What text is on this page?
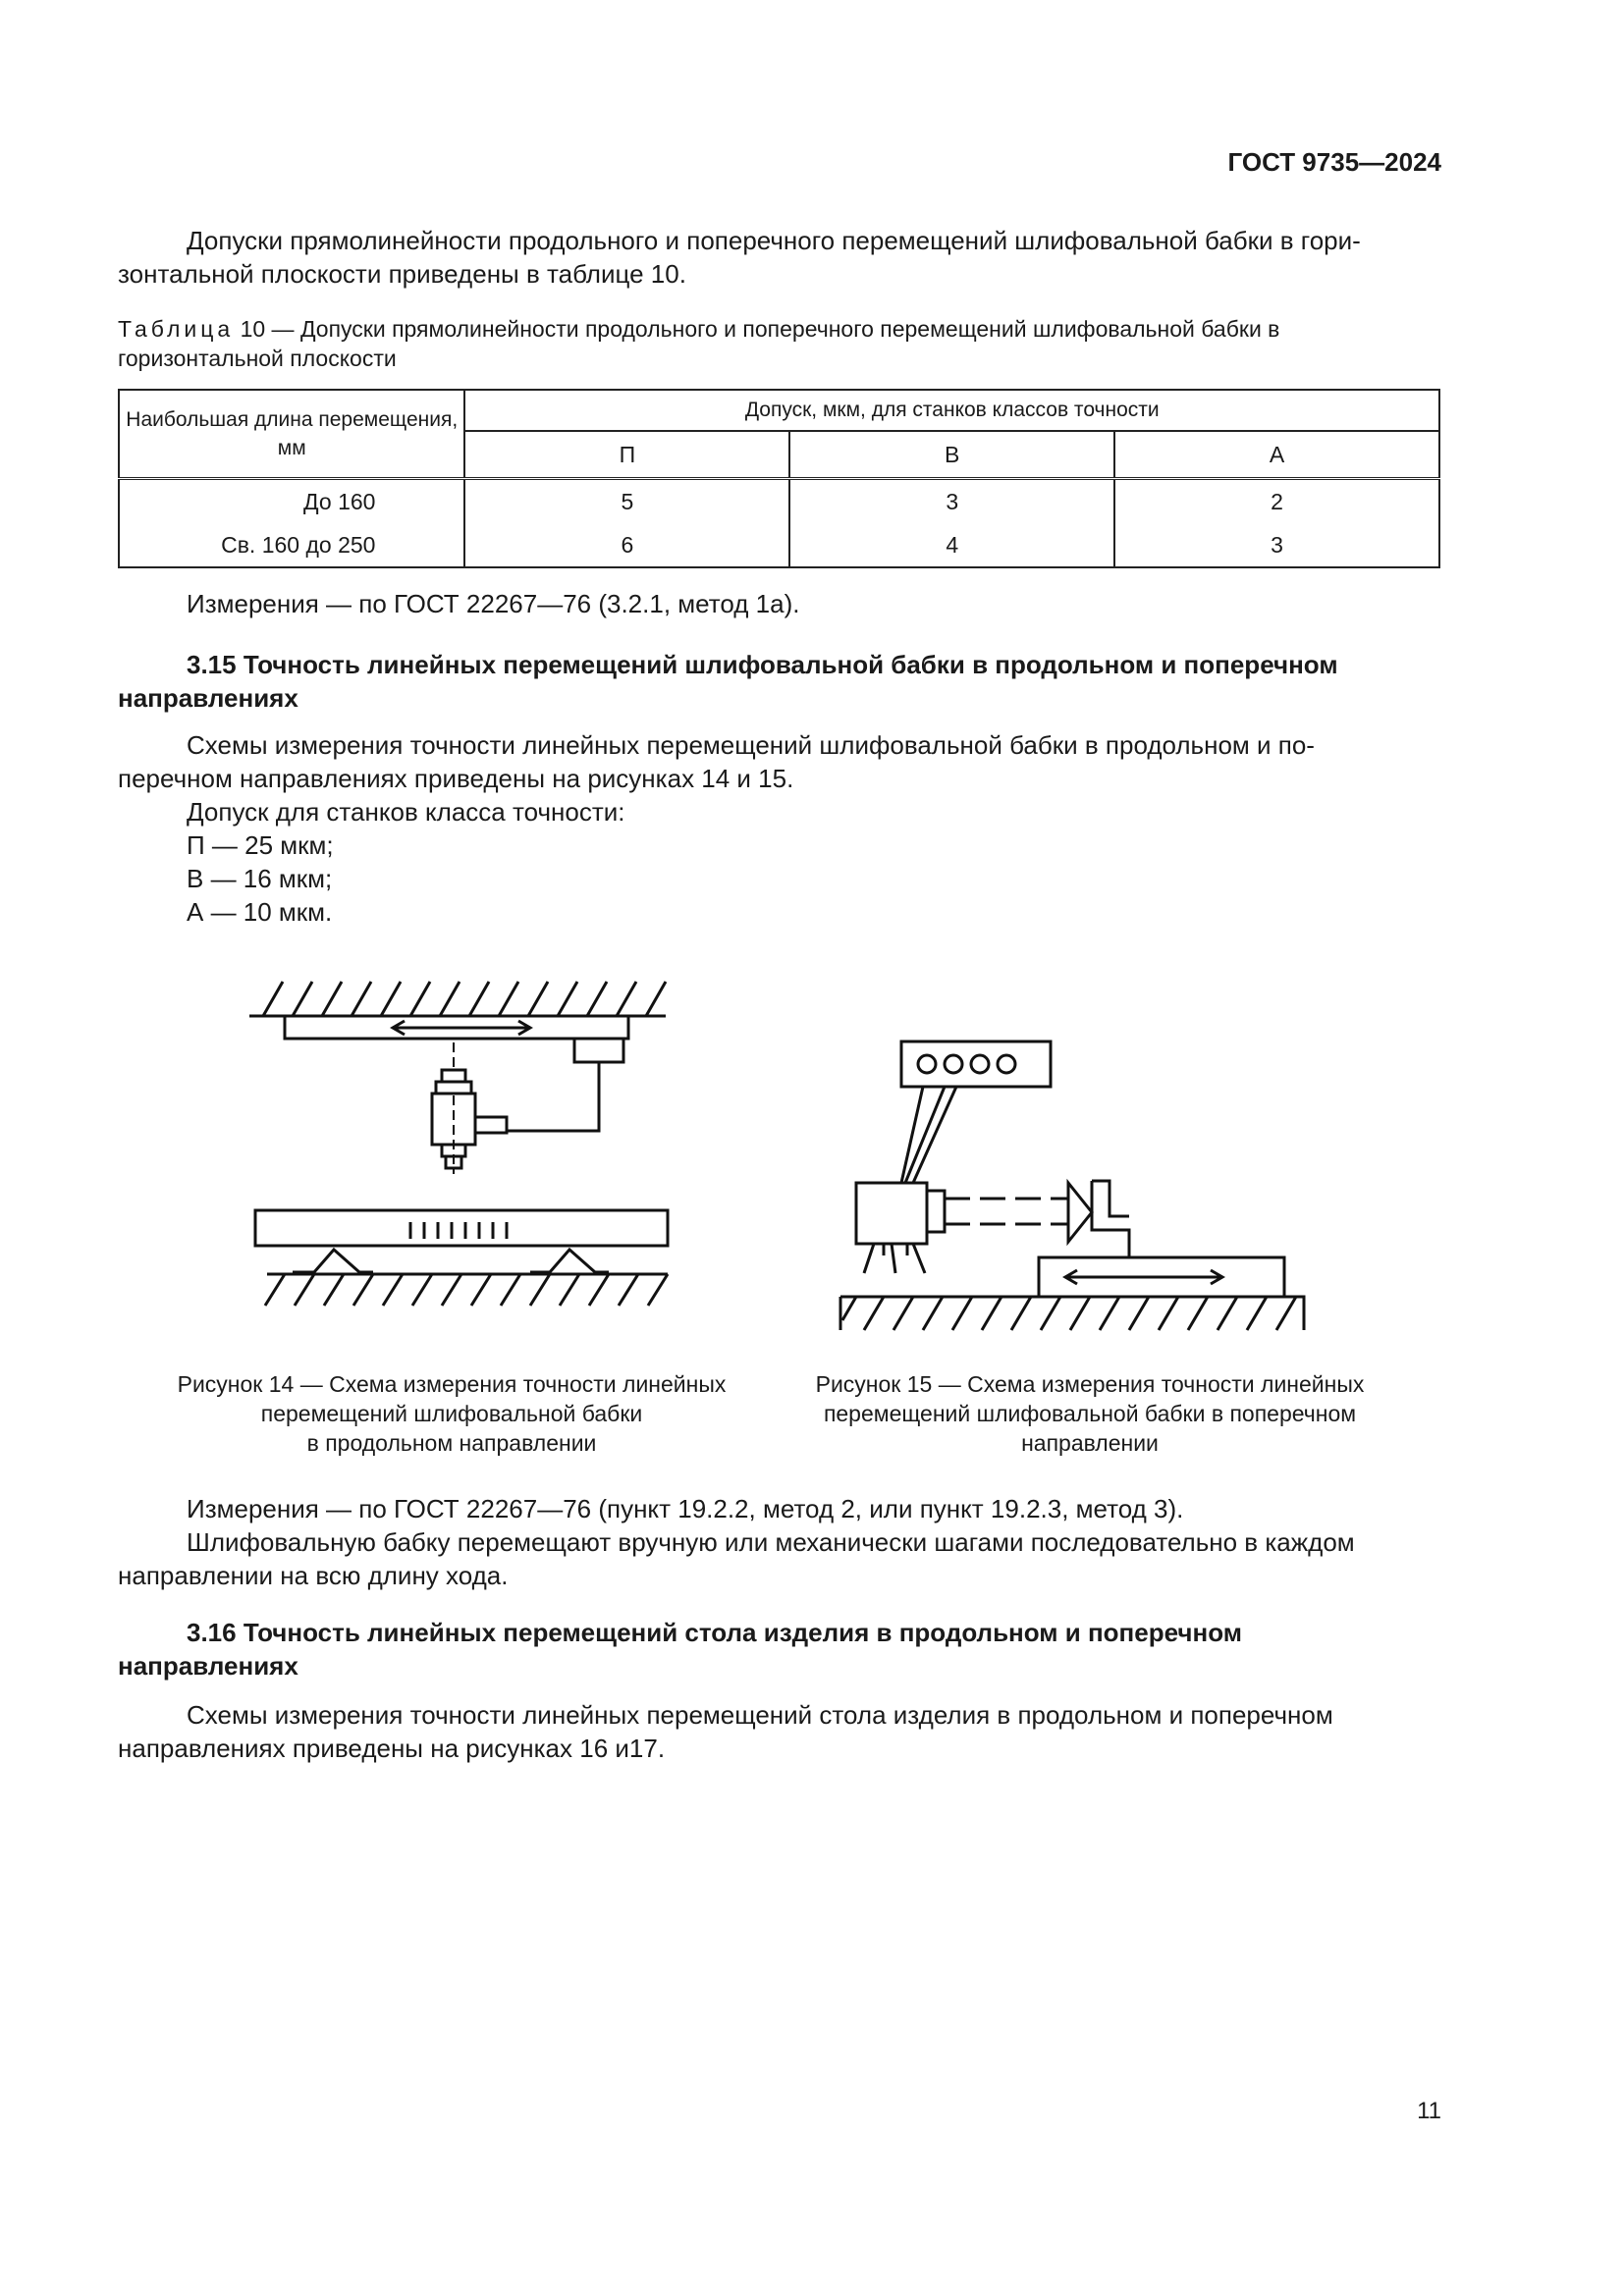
ГОСТ 9735—2024
Допуски прямолинейности продольного и поперечного перемещений шлифовальной бабки в гори-
зонтальной плоскости приведены в таблице 10.
Таблица 10 — Допуски прямолинейности продольного и поперечного перемещений шлифовальной бабки в
горизонтальной плоскости
Наибольшая длина перемещения, мм	Допуск, мкм, для станков классов точности		
	П	В	А
До 160	5	3	2
Св. 160 до 250	6	4	3
Измерения — по ГОСТ 22267—76 (3.2.1, метод 1а).
3.15 Точность линейных перемещений шлифовальной бабки в продольном и поперечном
направлениях
Схемы измерения точности линейных перемещений шлифовальной бабки в продольном и по-
перечном направлениях приведены на рисунках 14 и 15.
Допуск для станков класса точности:
П — 25 мкм;
В — 16 мкм;
А — 10 мкм.
Рисунок 14 — Схема измерения точности линейных
перемещений шлифовальной бабки
в продольном направлении
Рисунок 15 — Схема измерения точности линейных
перемещений шлифовальной бабки в поперечном
направлении
Измерения — по ГОСТ 22267—76 (пункт 19.2.2, метод 2, или пункт 19.2.3, метод 3).
Шлифовальную бабку перемещают вручную или механически шагами последовательно в каждом
направлении на всю длину хода.
3.16 Точность линейных перемещений стола изделия в продольном и поперечном
направлениях
Схемы измерения точности линейных перемещений стола изделия в продольном и поперечном
направлениях приведены на рисунках 16 и17.
11
